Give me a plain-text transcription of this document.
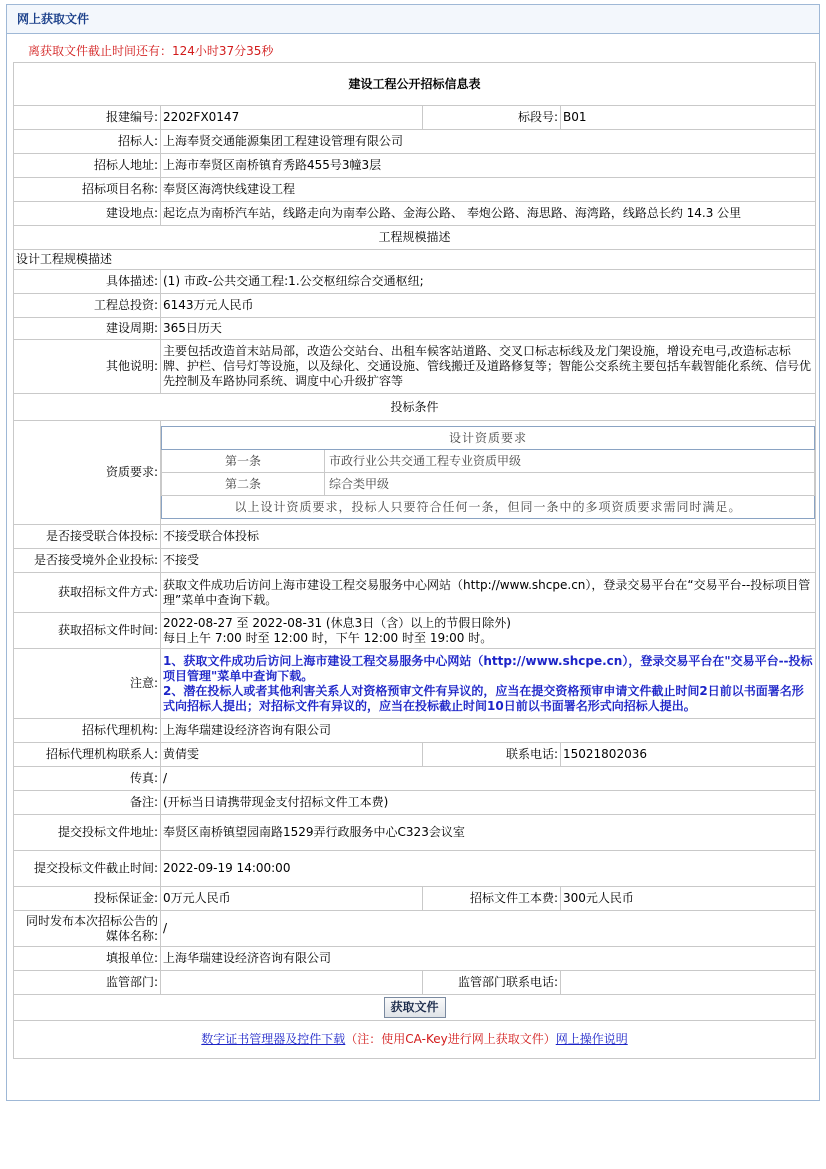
网上获取文件
离获取文件截止时间还有：124小时37分35秒
建设工程公开招标信息表
报建编号:	2202FX0147	标段号:	B01
招标人:	上海奉贤交通能源集团工程建设管理有限公司
招标人地址:	上海市奉贤区南桥镇育秀路455号3幢3层
招标项目名称:	奉贤区海湾快线建设工程
建设地点:	起讫点为南桥汽车站，线路走向为南奉公路、金海公路、 奉炮公路、海思路、海湾路，线路总长约 14.3 公里
工程规模描述
设计工程规模描述
具体描述:	(1) 市政-公共交通工程:1.公交枢纽综合交通枢纽;
工程总投资:	6143万元人民币
建设周期:	365日历天
其他说明:	主要包括改造首末站局部，改造公交站台、出租车候客站道路、交叉口标志标线及龙门架设施，增设充电弓,改造标志标牌、护栏、信号灯等设施，以及绿化、交通设施、管线搬迁及道路修复等；智能公交系统主要包括车载智能化系统、信号优先控制及车路协同系统、调度中心升级扩容等
投标条件
资质要求:	
设计资质要求
第一条	市政行业公共交通工程专业资质甲级
第二条	综合类甲级
以上设计资质要求，投标人只要符合任何一条，但同一条中的多项资质要求需同时满足。

是否接受联合体投标:	不接受联合体投标
是否接受境外企业投标:	不接受
获取招标文件方式:	获取文件成功后访问上海市建设工程交易服务中心网站（http://www.shcpe.cn），登录交易平台在“交易平台--投标项目管理”菜单中查询下载。
获取招标文件时间:	
2022-08-27 至 2022-08-31 (休息3日（含）以上的节假日除外)
每日上午 7:00 时至 12:00 时，下午 12:00 时至 19:00 时。

注意:	
1、获取文件成功后访问上海市建设工程交易服务中心网站（http://www.shcpe.cn），登录交易平台在"交易平台--投标项目管理"菜单中查询下载。
2、潜在投标人或者其他利害关系人对资格预审文件有异议的，应当在提交资格预审申请文件截止时间2日前以书面署名形式向招标人提出；对招标文件有异议的，应当在投标截止时间10日前以书面署名形式向招标人提出。

招标代理机构:	上海华瑞建设经济咨询有限公司
招标代理机构联系人:	黄倩雯	联系电话:	15021802036
传真:	/
备注:	(开标当日请携带现金支付招标文件工本费)
提交投标文件地址:	奉贤区南桥镇望园南路1529弄行政服务中心C323会议室
提交投标文件截止时间:	2022-09-19 14:00:00
投标保证金:	0万元人民币	招标文件工本费:	300元人民币
同时发布本次招标公告的媒体名称:	/
填报单位:	上海华瑞建设经济咨询有限公司
监管部门:		监管部门联系电话:	
获取文件
数字证书管理器及控件下载（注：使用CA-Key进行网上获取文件）网上操作说明
